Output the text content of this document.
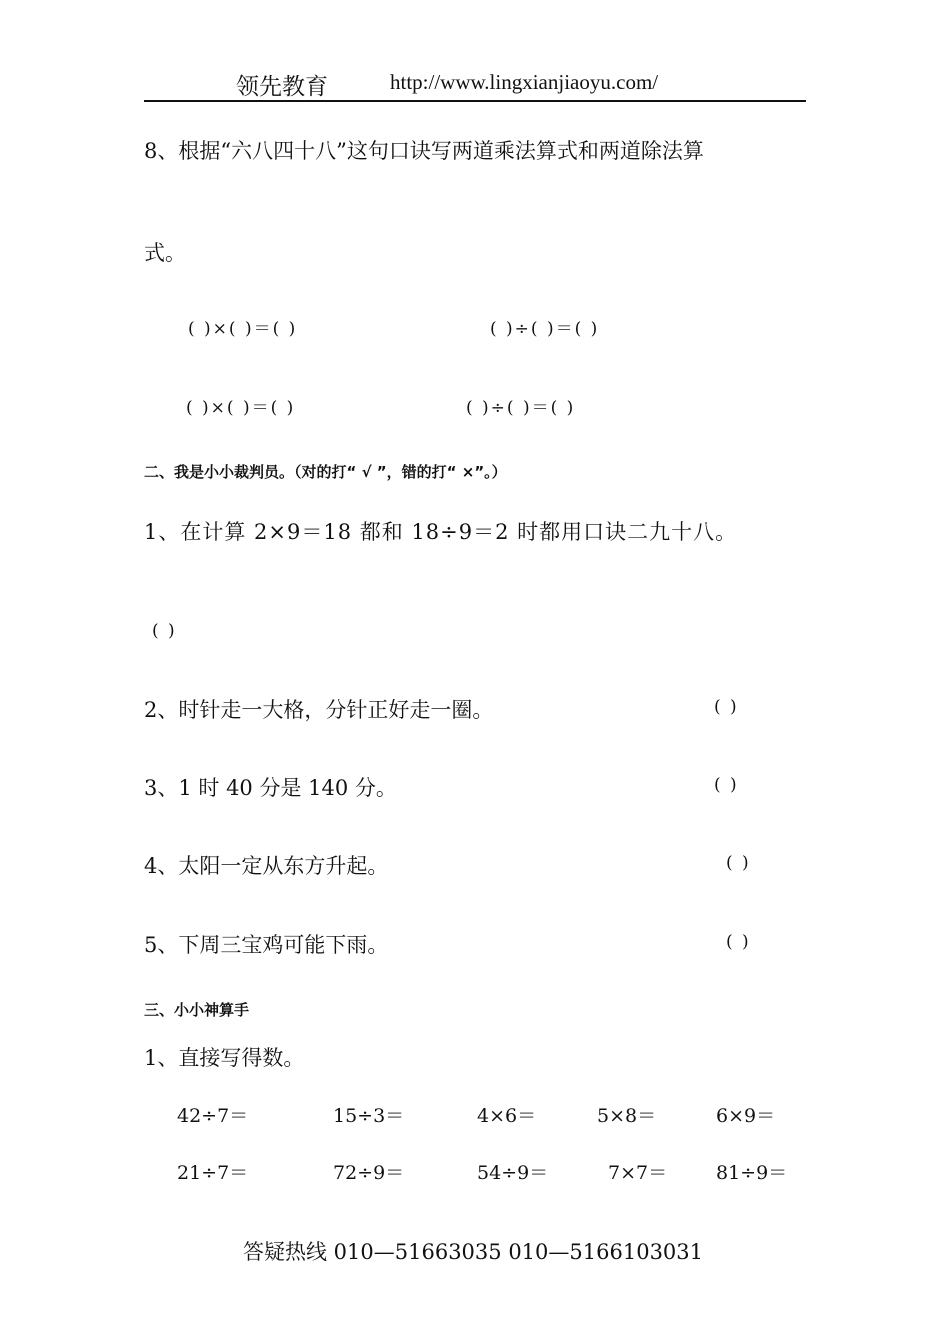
领先教育	http://www.lingxianjiaoyu.com/
8、根据“六八四十八”这句口诀写两道乘法算式和两道除法算
式。
( )×( )＝( )	( )÷( )＝( )
( )×( )＝( )	( )÷( )＝( )
二、我是小小裁判员。（对的打“ √ ”，错的打“ ×”。）
1、在计算 2×9＝18 都和 18÷9＝2 时都用口诀二九十八。
( )
2、时针走一大格，分针正好走一圈。	( )
3、1 时 40 分是 140 分。	( )
4、太阳一定从东方升起。	( )
5、下周三宝鸡可能下雨。	( )
三、小小神算手
1、直接写得数。
42÷7＝	15÷3＝	4×6＝	5×8＝	6×9＝
21÷7＝	72÷9＝	54÷9＝	7×7＝	81÷9＝
答疑热线 010—51663035 010—5166103031
